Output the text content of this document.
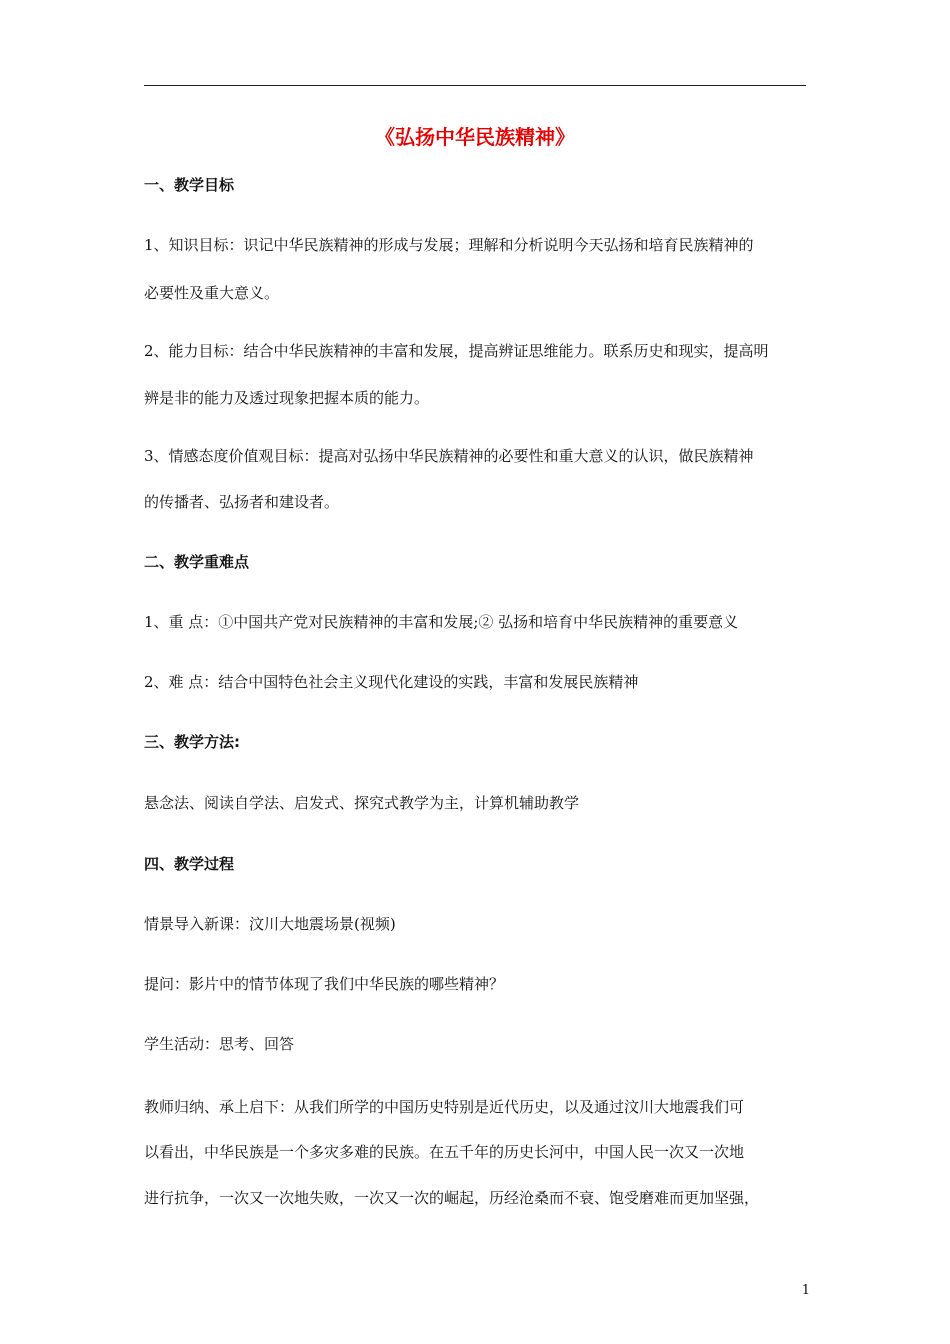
《弘扬中华民族精神》
一、教学目标
1、知识目标：识记中华民族精神的形成与发展；理解和分析说明今天弘扬和培育民族精神的
必要性及重大意义。
2、能力目标：结合中华民族精神的丰富和发展，提高辨证思维能力。联系历史和现实，提高明
辨是非的能力及透过现象把握本质的能力。
3、情感态度价值观目标：提高对弘扬中华民族精神的必要性和重大意义的认识，做民族精神
的传播者、弘扬者和建设者。
二、教学重难点
1、重 点：①中国共产党对民族精神的丰富和发展;② 弘扬和培育中华民族精神的重要意义
2、难 点：结合中国特色社会主义现代化建设的实践，丰富和发展民族精神
三、教学方法:
悬念法、阅读自学法、启发式、探究式教学为主，计算机辅助教学
四、教学过程
情景导入新课：汶川大地震场景(视频)
提问：影片中的情节体现了我们中华民族的哪些精神？
学生活动：思考、回答
教师归纳、承上启下：从我们所学的中国历史特别是近代历史，以及通过汶川大地震我们可
以看出，中华民族是一个多灾多难的民族。在五千年的历史长河中，中国人民一次又一次地
进行抗争，一次又一次地失败，一次又一次的崛起，历经沧桑而不衰、饱受磨难而更加坚强，
1
